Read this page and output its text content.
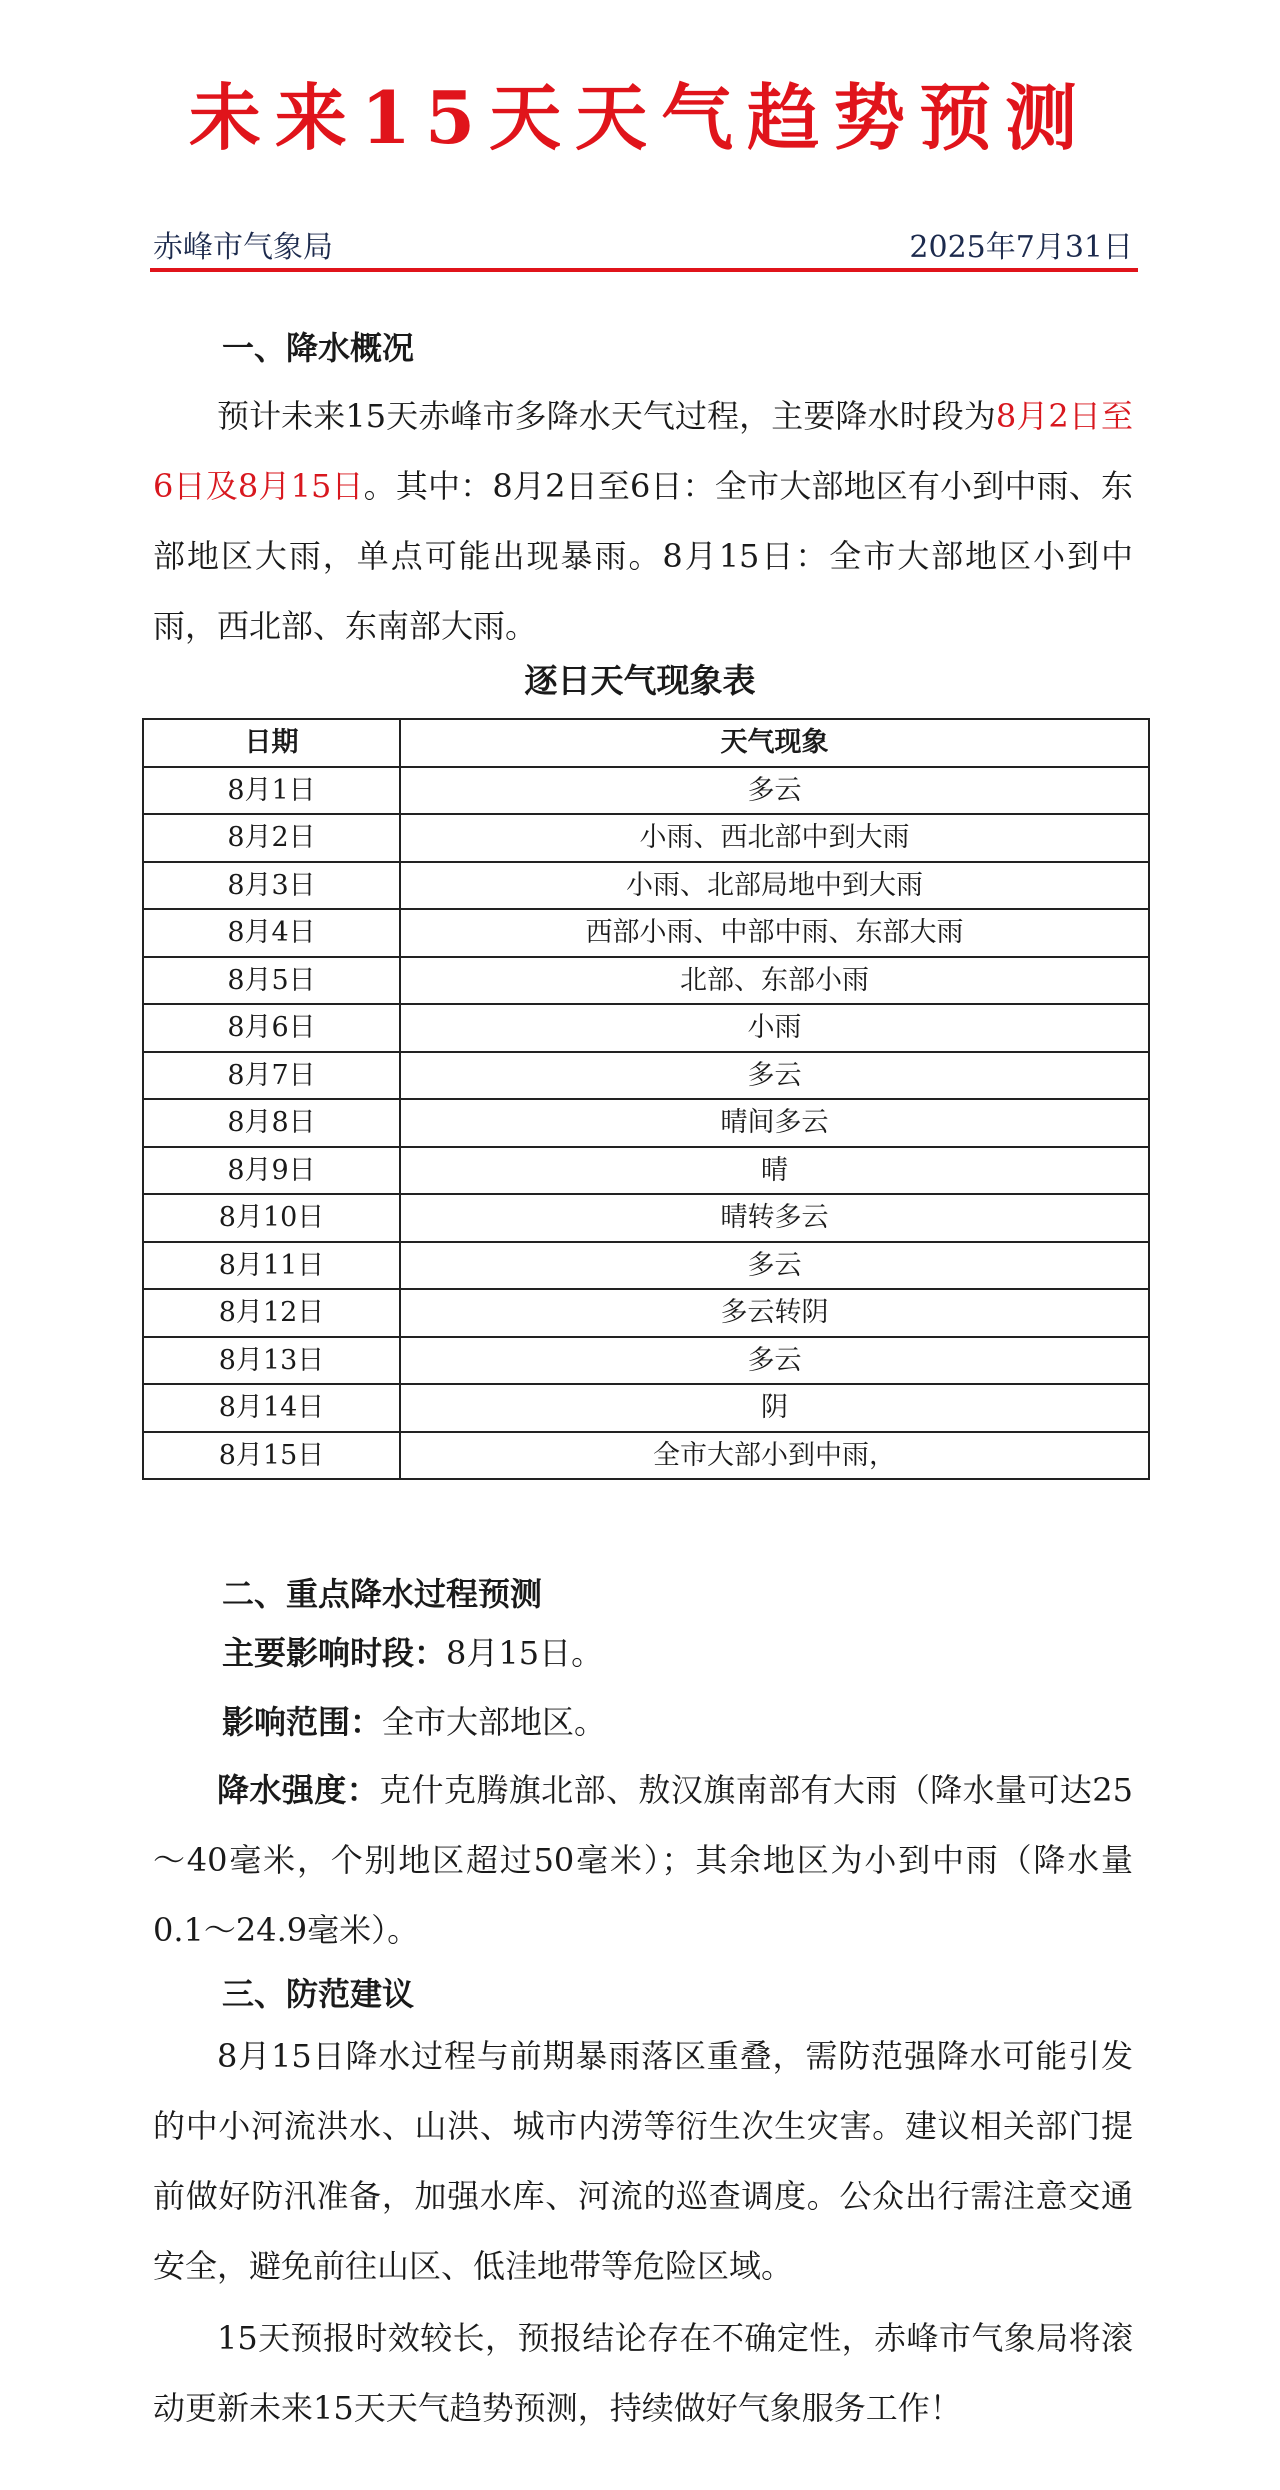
未来15天天气趋势预测
赤峰市气象局	2025年7月31日
一、降水概况

预计未来15天赤峰市多降水天气过程，主要降水时段为8月2日至6日及8月15日。其中：8月2日至6日：全市大部地区有小到中雨、东部地区大雨，单点可能出现暴雨。8月15日：全市大部地区小到中雨，西北部、东南部大雨。

逐日天气现象表
日期	天气现象
8月1日	多云
8月2日	小雨、西北部中到大雨
8月3日	小雨、北部局地中到大雨
8月4日	西部小雨、中部中雨、东部大雨
8月5日	北部、东部小雨
8月6日	小雨
8月7日	多云
8月8日	晴间多云
8月9日	晴
8月10日	晴转多云
8月11日	多云
8月12日	多云转阴
8月13日	多云
8月14日	阴
8月15日	全市大部小到中雨，
二、重点降水过程预测
主要影响时段：8月15日。
影响范围：全市大部地区。

降水强度：克什克腾旗北部、敖汉旗南部有大雨（降水量可达25～40毫米，个别地区超过50毫米）；其余地区为小到中雨（降水量0.1～24.9毫米）。

三、防范建议

8月15日降水过程与前期暴雨落区重叠，需防范强降水可能引发的中小河流洪水、山洪、城市内涝等衍生次生灾害。建议相关部门提前做好防汛准备，加强水库、河流的巡查调度。公众出行需注意交通安全，避免前往山区、低洼地带等危险区域。

15天预报时效较长，预报结论存在不确定性，赤峰市气象局将滚动更新未来15天天气趋势预测，持续做好气象服务工作！
